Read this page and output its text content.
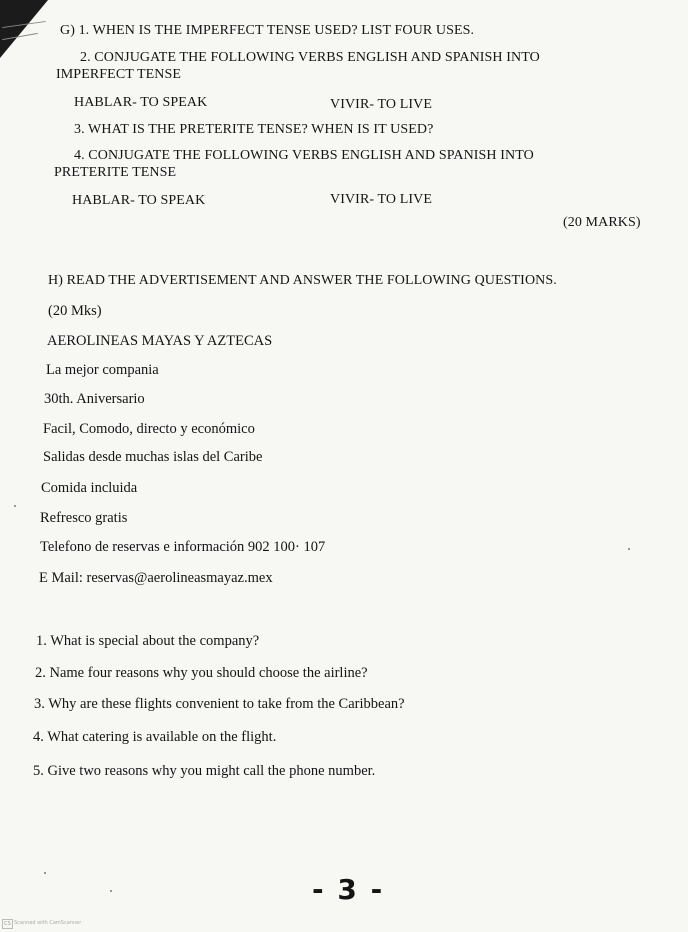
G) 1. WHEN IS THE IMPERFECT TENSE USED? LIST FOUR USES.
2. CONJUGATE THE FOLLOWING VERBS ENGLISH AND SPANISH INTO
IMPERFECT TENSE
HABLAR- TO SPEAK	VIVIR- TO LIVE
3. WHAT IS THE PRETERITE TENSE? WHEN IS IT USED?
4. CONJUGATE THE FOLLOWING VERBS ENGLISH AND SPANISH INTO
PRETERITE TENSE
HABLAR- TO SPEAK	VIVIR- TO LIVE
(20 MARKS)
H) READ THE ADVERTISEMENT AND ANSWER THE FOLLOWING QUESTIONS.
(20 Mks)
AEROLINEAS MAYAS Y AZTECAS
La mejor compania
30th. Aniversario
Facil, Comodo, directo y económico
Salidas desde muchas islas del Caribe
Comida incluida
Refresco gratis
Telefono de reservas e información 902 100· 107
E Mail: reservas@aerolineasmayaz.mex
1. What is special about the company?
2. Name four reasons why you should choose the airline?
3. Why are these flights convenient to take from the Caribbean?
4. What catering is available on the flight.
5. Give two reasons why you might call the phone number.
- 3 -
CS Scanned with CamScanner
